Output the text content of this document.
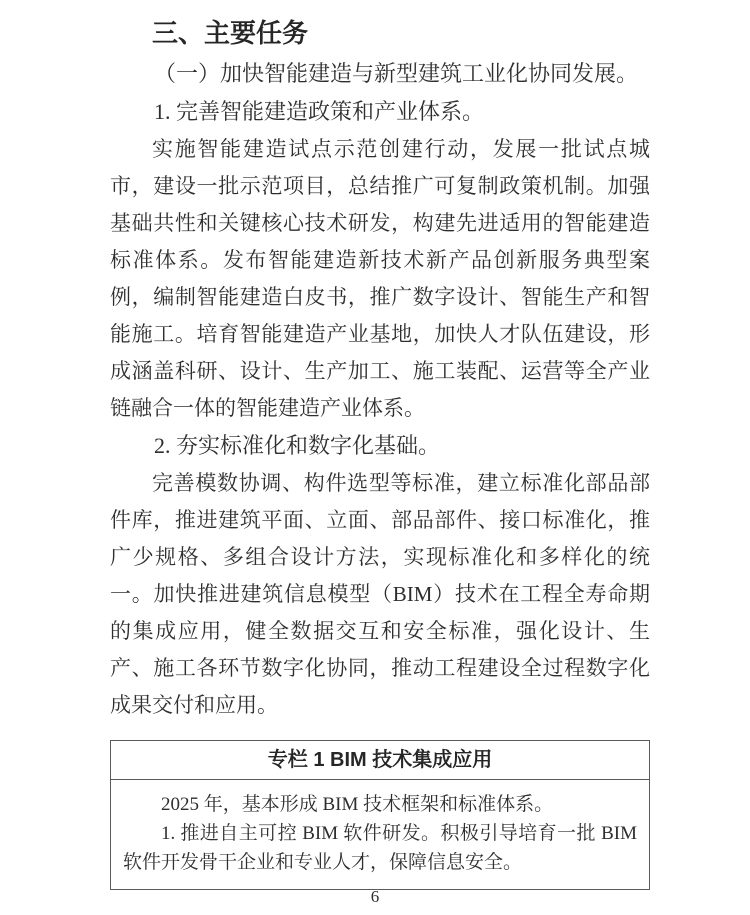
三、主要任务
（一）加快智能建造与新型建筑工业化协同发展。
1. 完善智能建造政策和产业体系。

实施智能建造试点示范创建行动，发展一批试点城市，建设一批示范项目，总结推广可复制政策机制。加强基础共性和关键核心技术研发，构建先进适用的智能建造标准体系。发布智能建造新技术新产品创新服务典型案例，编制智能建造白皮书，推广数字设计、智能生产和智能施工。培育智能建造产业基地，加快人才队伍建设，形成涵盖科研、设计、生产加工、施工装配、运营等全产业链融合一体的智能建造产业体系。

2. 夯实标准化和数字化基础。

完善模数协调、构件选型等标准，建立标准化部品部件库，推进建筑平面、立面、部品部件、接口标准化，推广少规格、多组合设计方法，实现标准化和多样化的统一。加快推进建筑信息模型（BIM）技术在工程全寿命期的集成应用，健全数据交互和安全标准，强化设计、生产、施工各环节数字化协同，推动工程建设全过程数字化成果交付和应用。

专栏 1 BIM 技术集成应用

2025 年，基本形成 BIM 技术框架和标准体系。

1. 推进自主可控 BIM 软件研发。积极引导培育一批 BIM 软件开发骨干企业和专业人才，保障信息安全。

6
